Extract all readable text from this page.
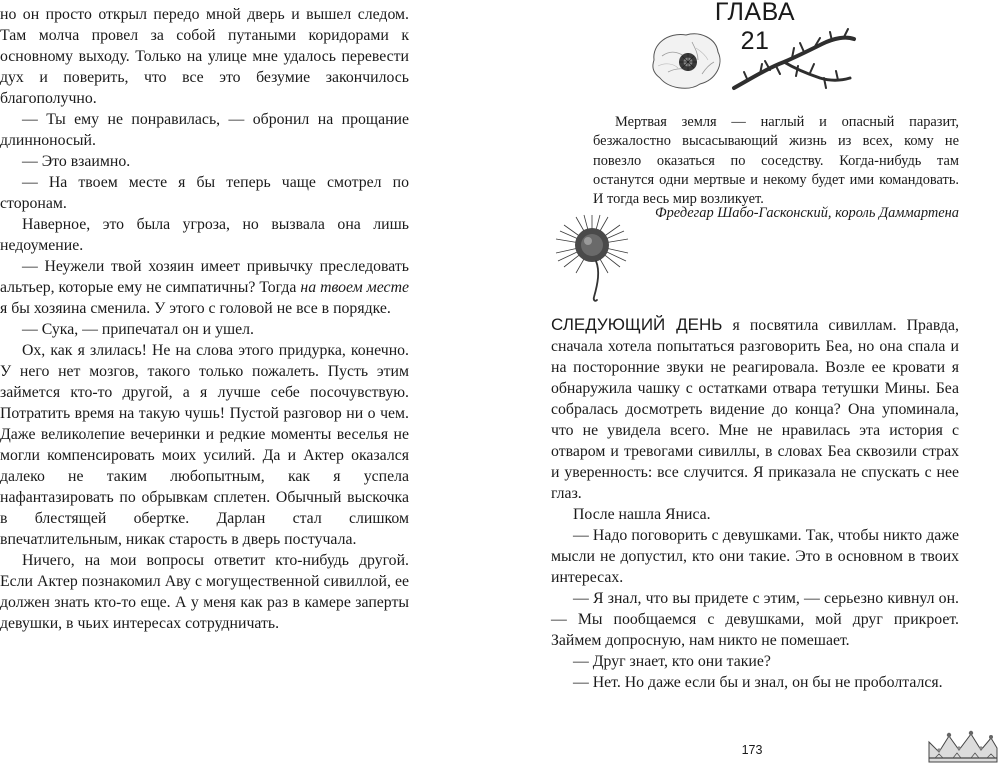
но он просто открыл передо мной дверь и вышел следом. Там молча провел за собой путаными коридорами к основному выходу. Только на улице мне удалось перевести дух и поверить, что все это безумие закончилось благополучно.

— Ты ему не понравилась, — обронил на прощание длинноносый.

— Это взаимно.

— На твоем месте я бы теперь чаще смотрел по сторонам.

Наверное, это была угроза, но вызвала она лишь недоумение.

— Неужели твой хозяин имеет привычку преследовать альтьер, которые ему не симпатичны? Тогда на твоем месте я бы хозяина сменила. У этого с головой не все в порядке.

— Сука, — припечатал он и ушел.

Ох, как я злилась! Не на слова этого придурка, конечно. У него нет мозгов, такого только пожалеть. Пусть этим займется кто-то другой, а я лучше себе посочувствую. Потратить время на такую чушь! Пустой разговор ни о чем. Даже великолепие вечеринки и редкие моменты веселья не могли компенсировать моих усилий. Да и Актер оказался далеко не таким любопытным, как я успела нафантазировать по обрывкам сплетен. Обычный выскочка в блестящей обертке. Дарлан стал слишком впечатлительным, никак старость в дверь постучала.

Ничего, на мои вопросы ответит кто-нибудь другой. Если Актер познакомил Аву с могущественной сивиллой, ее должен знать кто-то еще. А у меня как раз в камере заперты девушки, в чьих интересах сотрудничать.

ГЛАВА 21

Мертвая земля — наглый и опасный паразит, безжалостно высасывающий жизнь из всех, кому не повезло оказаться по соседству. Когда-нибудь там останутся одни мертвые и некому будет ими командовать. И тогда весь мир возликует.

Фредегар Шабо-Гасконский, король Даммартена

СЛЕДУЮЩИЙ ДЕНЬ я посвятила сивиллам. Правда, сначала хотела попытаться разговорить Беа, но она спала и на посторонние звуки не реагировала. Возле ее кровати я обнаружила чашку с остатками отвара тетушки Мины. Беа собралась досмотреть видение до конца? Она упоминала, что не увидела всего. Мне не нравилась эта история с отваром и тревогами сивиллы, в словах Беа сквозили страх и уверенность: все случится. Я приказала не спускать с нее глаз.

После нашла Яниса.

— Надо поговорить с девушками. Так, чтобы никто даже мысли не допустил, кто они такие. Это в основном в твоих интересах.

— Я знал, что вы придете с этим, — серьезно кивнул он. — Мы пообщаемся с девушками, мой друг прикроет. Займем допросную, нам никто не помешает.

— Друг знает, кто они такие?

— Нет. Но даже если бы и знал, он бы не проболтался.

173
